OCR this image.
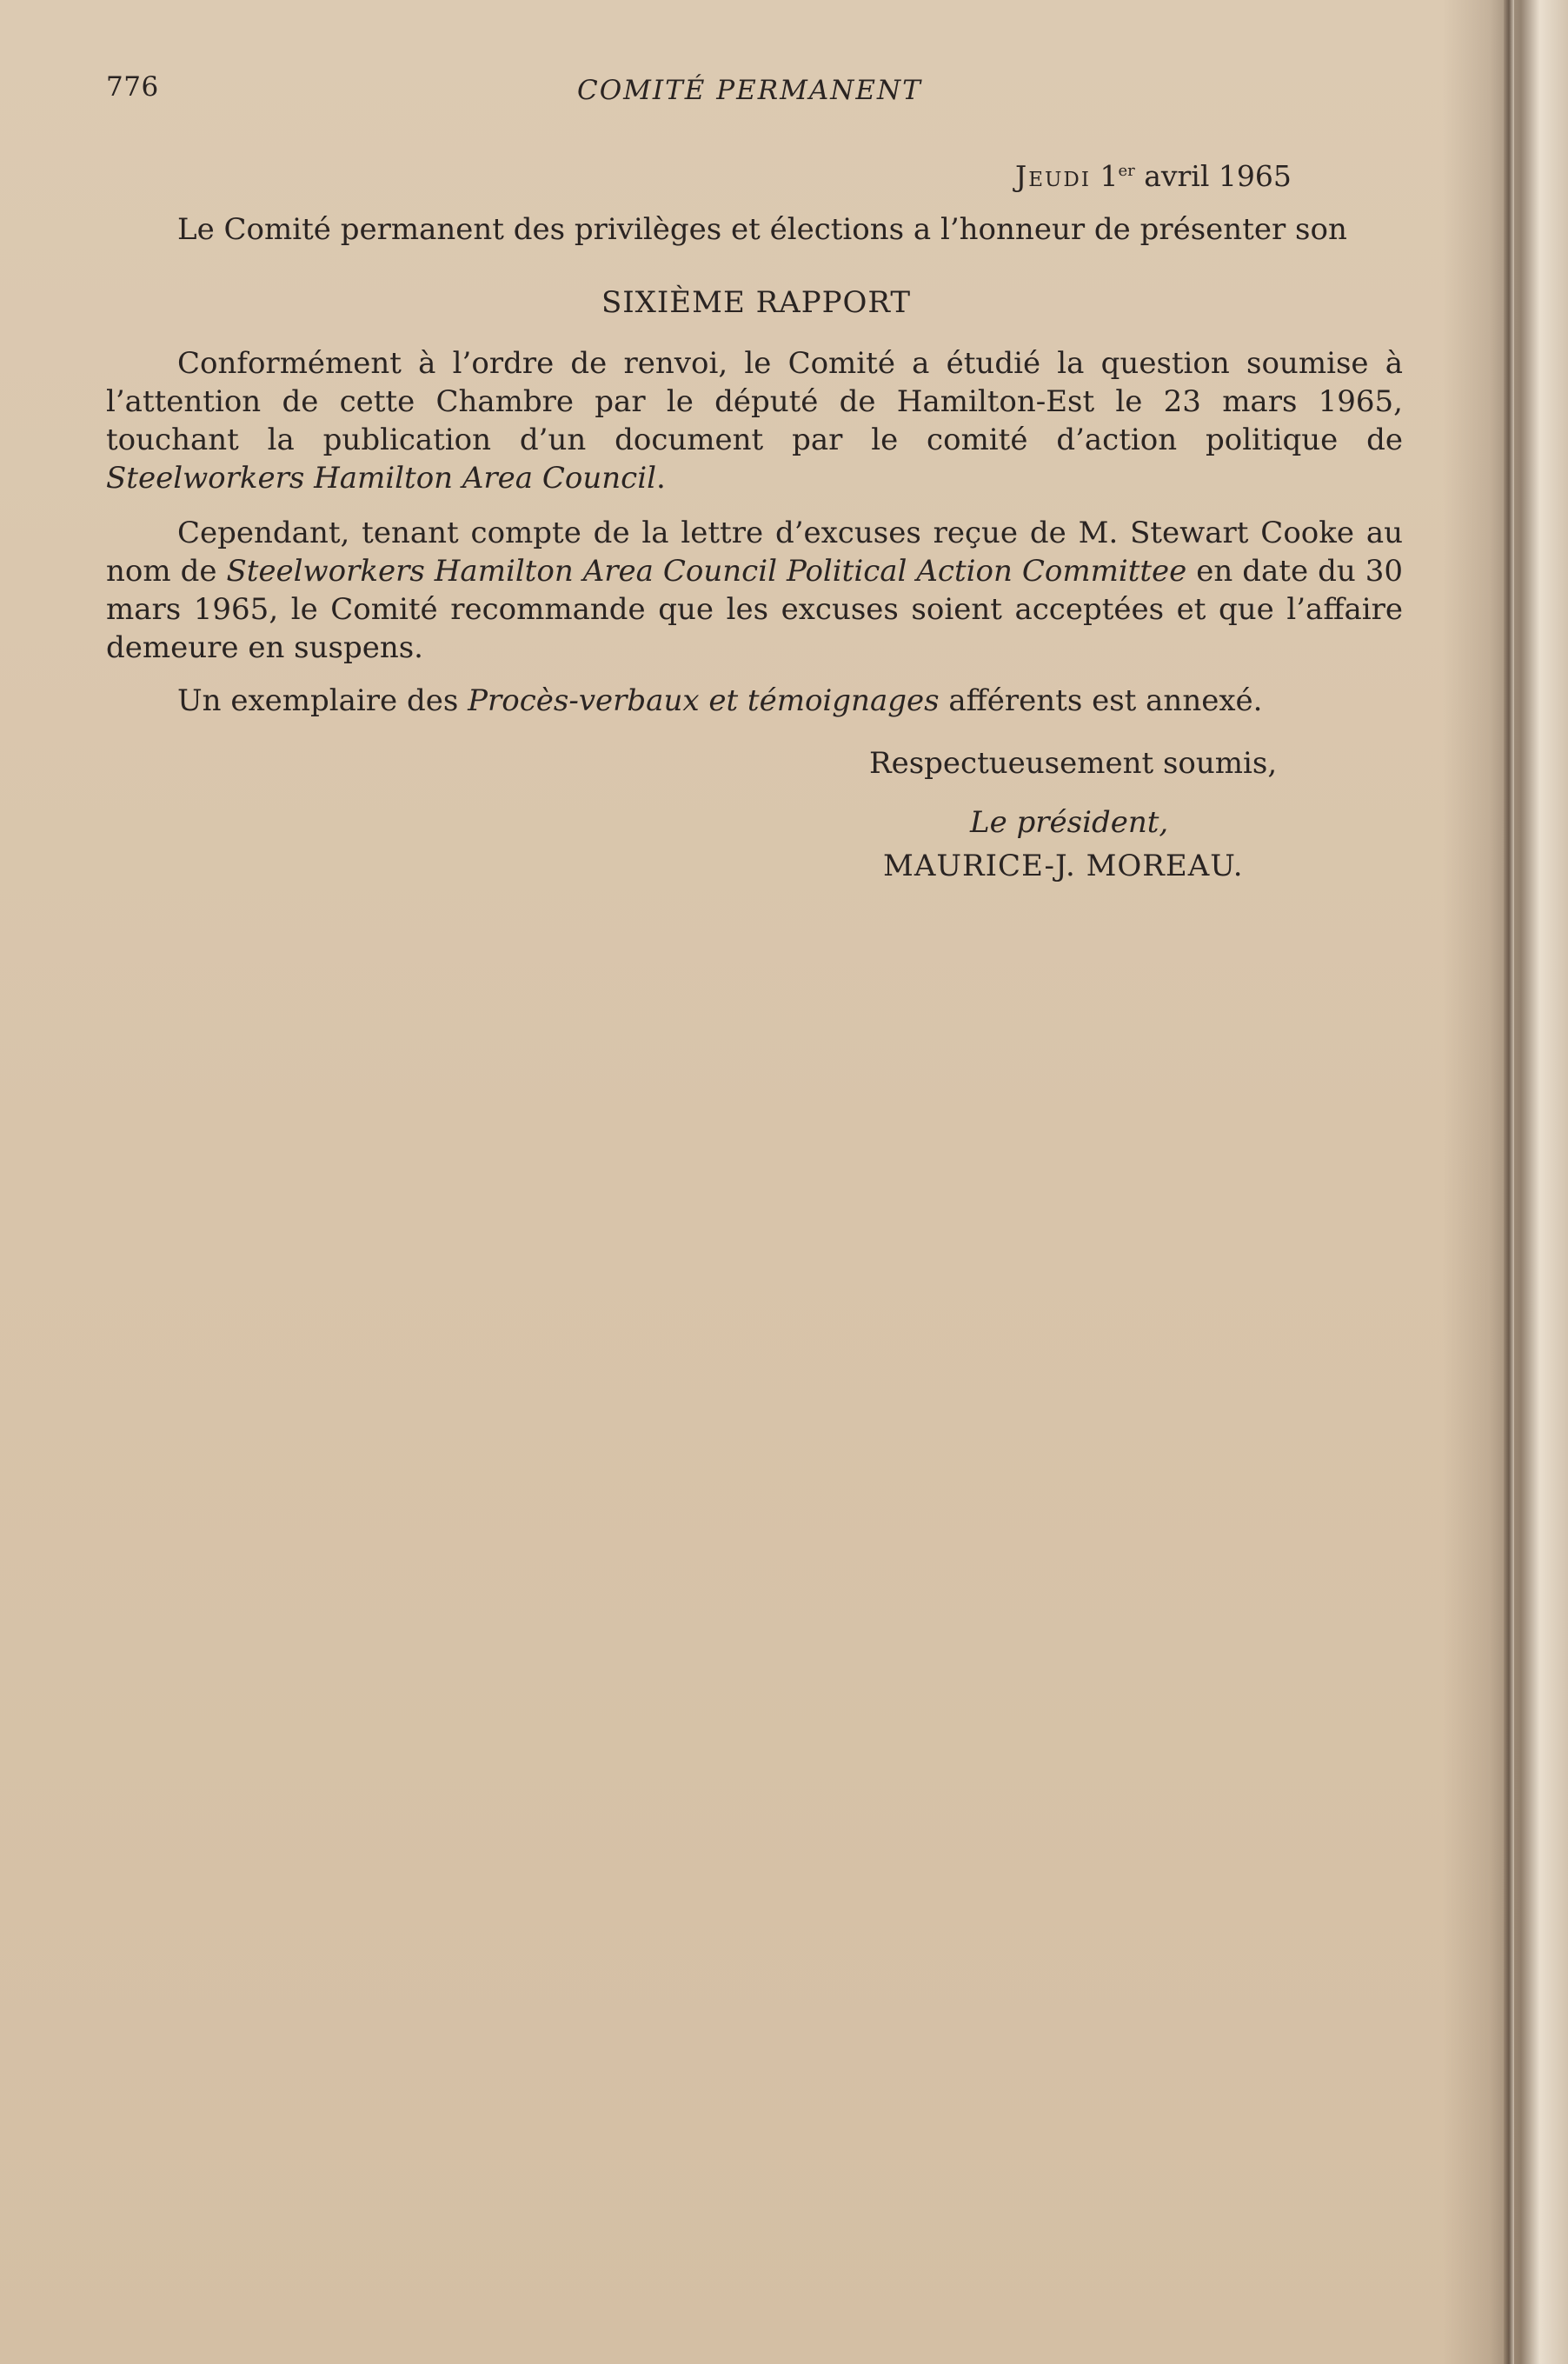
776	COMITÉ PERMANENT
Jeudi 1er avril 1965

Le Comité permanent des privilèges et élections a l’honneur de présenter son

SIXIÈME RAPPORT

Conformément à l’ordre de renvoi, le Comité a étudié la question soumise à l’attention de cette Chambre par le député de Hamilton-Est le 23 mars 1965, touchant la publication d’un document par le comité d’action politique de Steelworkers Hamilton Area Council.

Cependant, tenant compte de la lettre d’excuses reçue de M. Stewart Cooke au nom de Steelworkers Hamilton Area Council Political Action Committee en date du 30 mars 1965, le Comité recommande que les excuses soient acceptées et que l’affaire demeure en suspens.

Un exemplaire des Procès-verbaux et témoignages afférents est annexé.

Respectueusement soumis,
Le président,
MAURICE-J. MOREAU.
